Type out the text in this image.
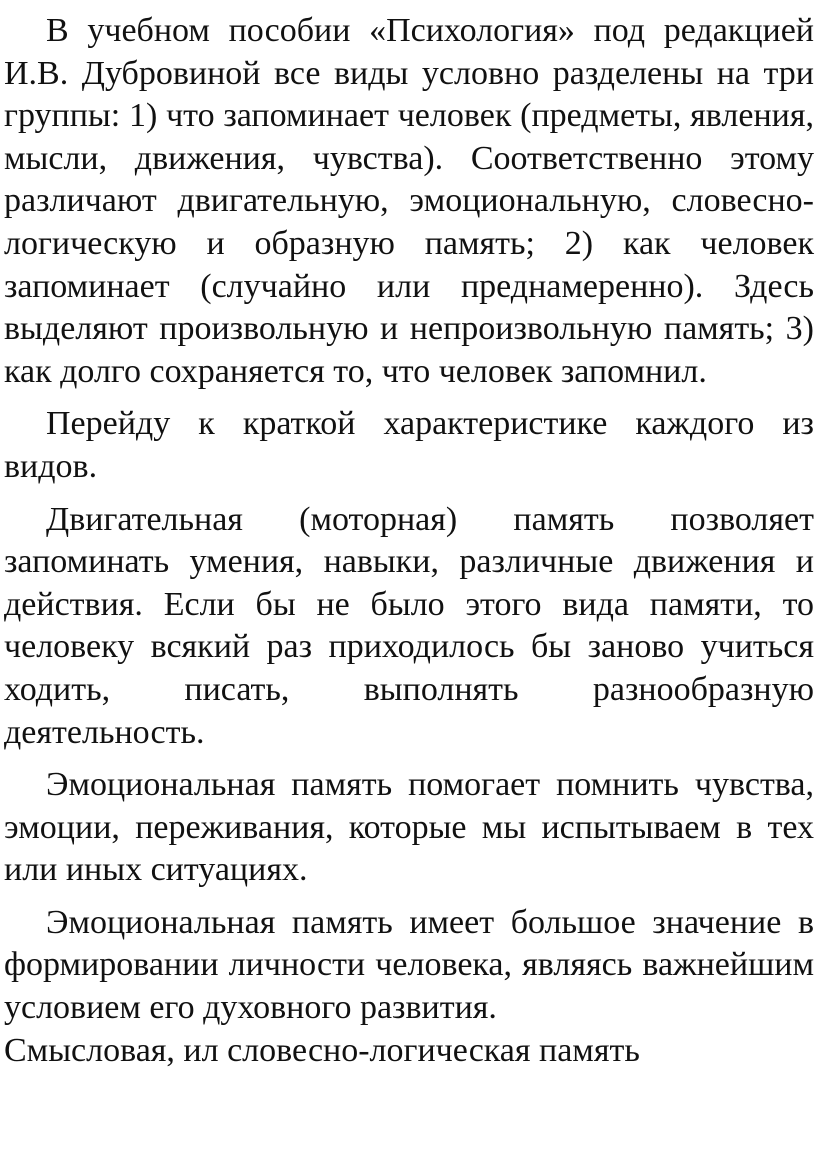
В учебном пособии «Психология» под редакцией И.В. Дубровиной все виды условно разделены на три группы: 1) что запоминает человек (предметы, явления, мысли, движения, чувства). Соответственно этому различают двигательную, эмоциональную, словесно-логическую и образную память; 2) как человек запоминает (случайно или преднамеренно). Здесь выделяют произвольную и непроизвольную память; 3) как долго сохраняется то, что человек запомнил.

Перейду к краткой характеристике каждого из видов.

Двигательная (моторная) память позволяет запоминать умения, навыки, различные движения и действия. Если бы не было этого вида памяти, то человеку всякий раз приходилось бы заново учиться ходить, писать, выполнять разнообразную деятельность.

Эмоциональная память помогает помнить чувства, эмоции, переживания, которые мы испытываем в тех или иных ситуациях.

Эмоциональная память имеет большое значение в формировании личности человека, являясь важнейшим условием его духовного развития.

Смысловая, ил словесно-логическая память
